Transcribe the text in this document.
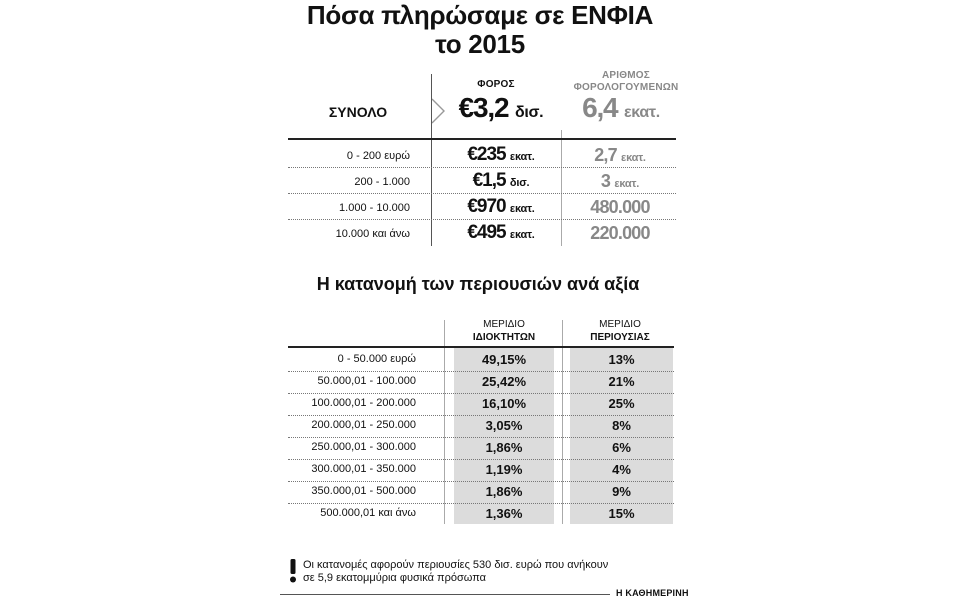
Πόσα πληρώσαμε σε ΕΝΦΙΑ
το 2015
ΦΟΡΟΣ
ΑΡΙΘΜΟΣ
ΦΟΡΟΛΟΓΟΥΜΕΝΩΝ
ΣΥΝΟΛΟ	€3,2 δισ.	6,4 εκατ.
0 - 200 ευρώ	€235 εκατ.	2,7 εκατ.
200 - 1.000	€1,5 δισ.	3 εκατ.
1.000 - 10.000	€970 εκατ.	480.000
10.000 και άνω	€495 εκατ.	220.000
Η κατανομή των περιουσιών ανά αξία
ΜΕΡΙΔΙΟ
ΙΔΙΟΚΤΗΤΩΝ
ΜΕΡΙΔΙΟ
ΠΕΡΙΟΥΣΙΑΣ
0 - 50.000 ευρώ	49,15%	13%
50.000,01 - 100.000	25,42%	21%
100.000,01 - 200.000	16,10%	25%
200.000,01 - 250.000	3,05%	8%
250.000,01 - 300.000	1,86%	6%
300.000,01 - 350.000	1,19%	4%
350.000,01 - 500.000	1,86%	9%
500.000,01 και άνω	1,36%	15%
Οι κατανομές αφορούν περιουσίες 530 δισ. ευρώ που ανήκουν
σε 5,9 εκατομμύρια φυσικά πρόσωπα
Η ΚΑΘΗΜΕΡΙΝΗ
